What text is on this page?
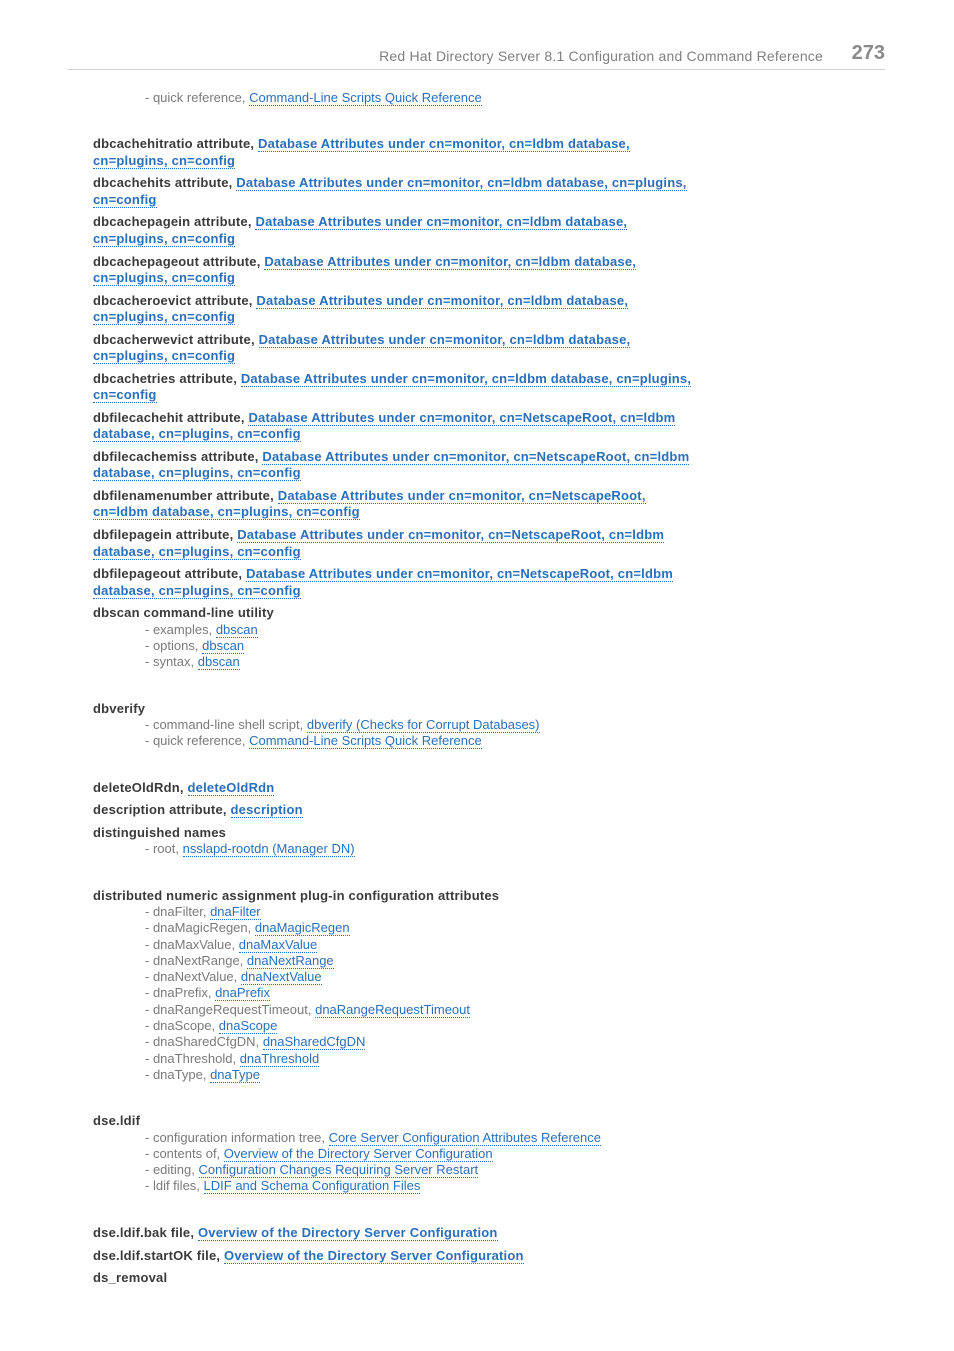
Red Hat Directory Server 8.1 Configuration and Command Reference 273
- quick reference, Command-Line Scripts Quick Reference
dbcachehitratio attribute, Database Attributes under cn=monitor, cn=ldbm database, cn=plugins, cn=config
dbcachehits attribute, Database Attributes under cn=monitor, cn=ldbm database, cn=plugins, cn=config
dbcachepagein attribute, Database Attributes under cn=monitor, cn=ldbm database, cn=plugins, cn=config
dbcachepageout attribute, Database Attributes under cn=monitor, cn=ldbm database, cn=plugins, cn=config
dbcacheroevict attribute, Database Attributes under cn=monitor, cn=ldbm database, cn=plugins, cn=config
dbcacherwevict attribute, Database Attributes under cn=monitor, cn=ldbm database, cn=plugins, cn=config
dbcachetries attribute, Database Attributes under cn=monitor, cn=ldbm database, cn=plugins, cn=config
dbfilecachehit attribute, Database Attributes under cn=monitor, cn=NetscapeRoot, cn=ldbm database, cn=plugins, cn=config
dbfilecachemiss attribute, Database Attributes under cn=monitor, cn=NetscapeRoot, cn=ldbm database, cn=plugins, cn=config
dbfilenamenumber attribute, Database Attributes under cn=monitor, cn=NetscapeRoot, cn=ldbm database, cn=plugins, cn=config
dbfilepagein attribute, Database Attributes under cn=monitor, cn=NetscapeRoot, cn=ldbm database, cn=plugins, cn=config
dbfilepageout attribute, Database Attributes under cn=monitor, cn=NetscapeRoot, cn=ldbm database, cn=plugins, cn=config
dbscan command-line utility
- examples, dbscan
- options, dbscan
- syntax, dbscan
dbverify
- command-line shell script, dbverify (Checks for Corrupt Databases)
- quick reference, Command-Line Scripts Quick Reference
deleteOldRdn, deleteOldRdn
description attribute, description
distinguished names
- root, nsslapd-rootdn (Manager DN)
distributed numeric assignment plug-in configuration attributes
- dnaFilter, dnaFilter
- dnaMagicRegen, dnaMagicRegen
- dnaMaxValue, dnaMaxValue
- dnaNextRange, dnaNextRange
- dnaNextValue, dnaNextValue
- dnaPrefix, dnaPrefix
- dnaRangeRequestTimeout, dnaRangeRequestTimeout
- dnaScope, dnaScope
- dnaSharedCfgDN, dnaSharedCfgDN
- dnaThreshold, dnaThreshold
- dnaType, dnaType
dse.ldif
- configuration information tree, Core Server Configuration Attributes Reference
- contents of, Overview of the Directory Server Configuration
- editing, Configuration Changes Requiring Server Restart
- ldif files, LDIF and Schema Configuration Files
dse.ldif.bak file, Overview of the Directory Server Configuration
dse.ldif.startOK file, Overview of the Directory Server Configuration
ds_removal
